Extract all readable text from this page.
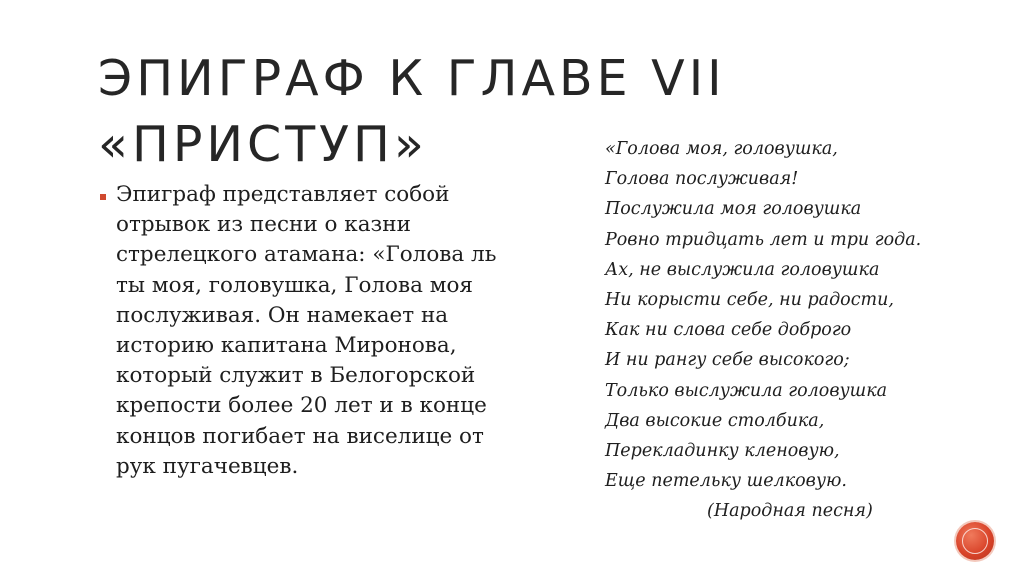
ЭПИГРАФ К ГЛАВЕ VII
«ПРИСТУП»

Эпиграф представляет собой отрывок из песни о казни стрелецкого атамана: «Голова ль ты моя, головушка, Голова моя послуживая. Он намекает на историю капитана Миронова, который служит в Белогорской крепости более 20 лет и в конце концов погибает на виселице от рук пугачевцев.

«Голова моя, головушка,
Голова послуживая!
Послужила моя головушка
Ровно тридцать лет и три года.
Ах, не выслужила головушка
Ни корысти себе, ни радости,
Как ни слова себе доброго
И ни рангу себе высокого;
Только выслужила головушка
Два высокие столбика,
Перекладинку кленовую,
Еще петельку шелковую.
(Народная песня)
